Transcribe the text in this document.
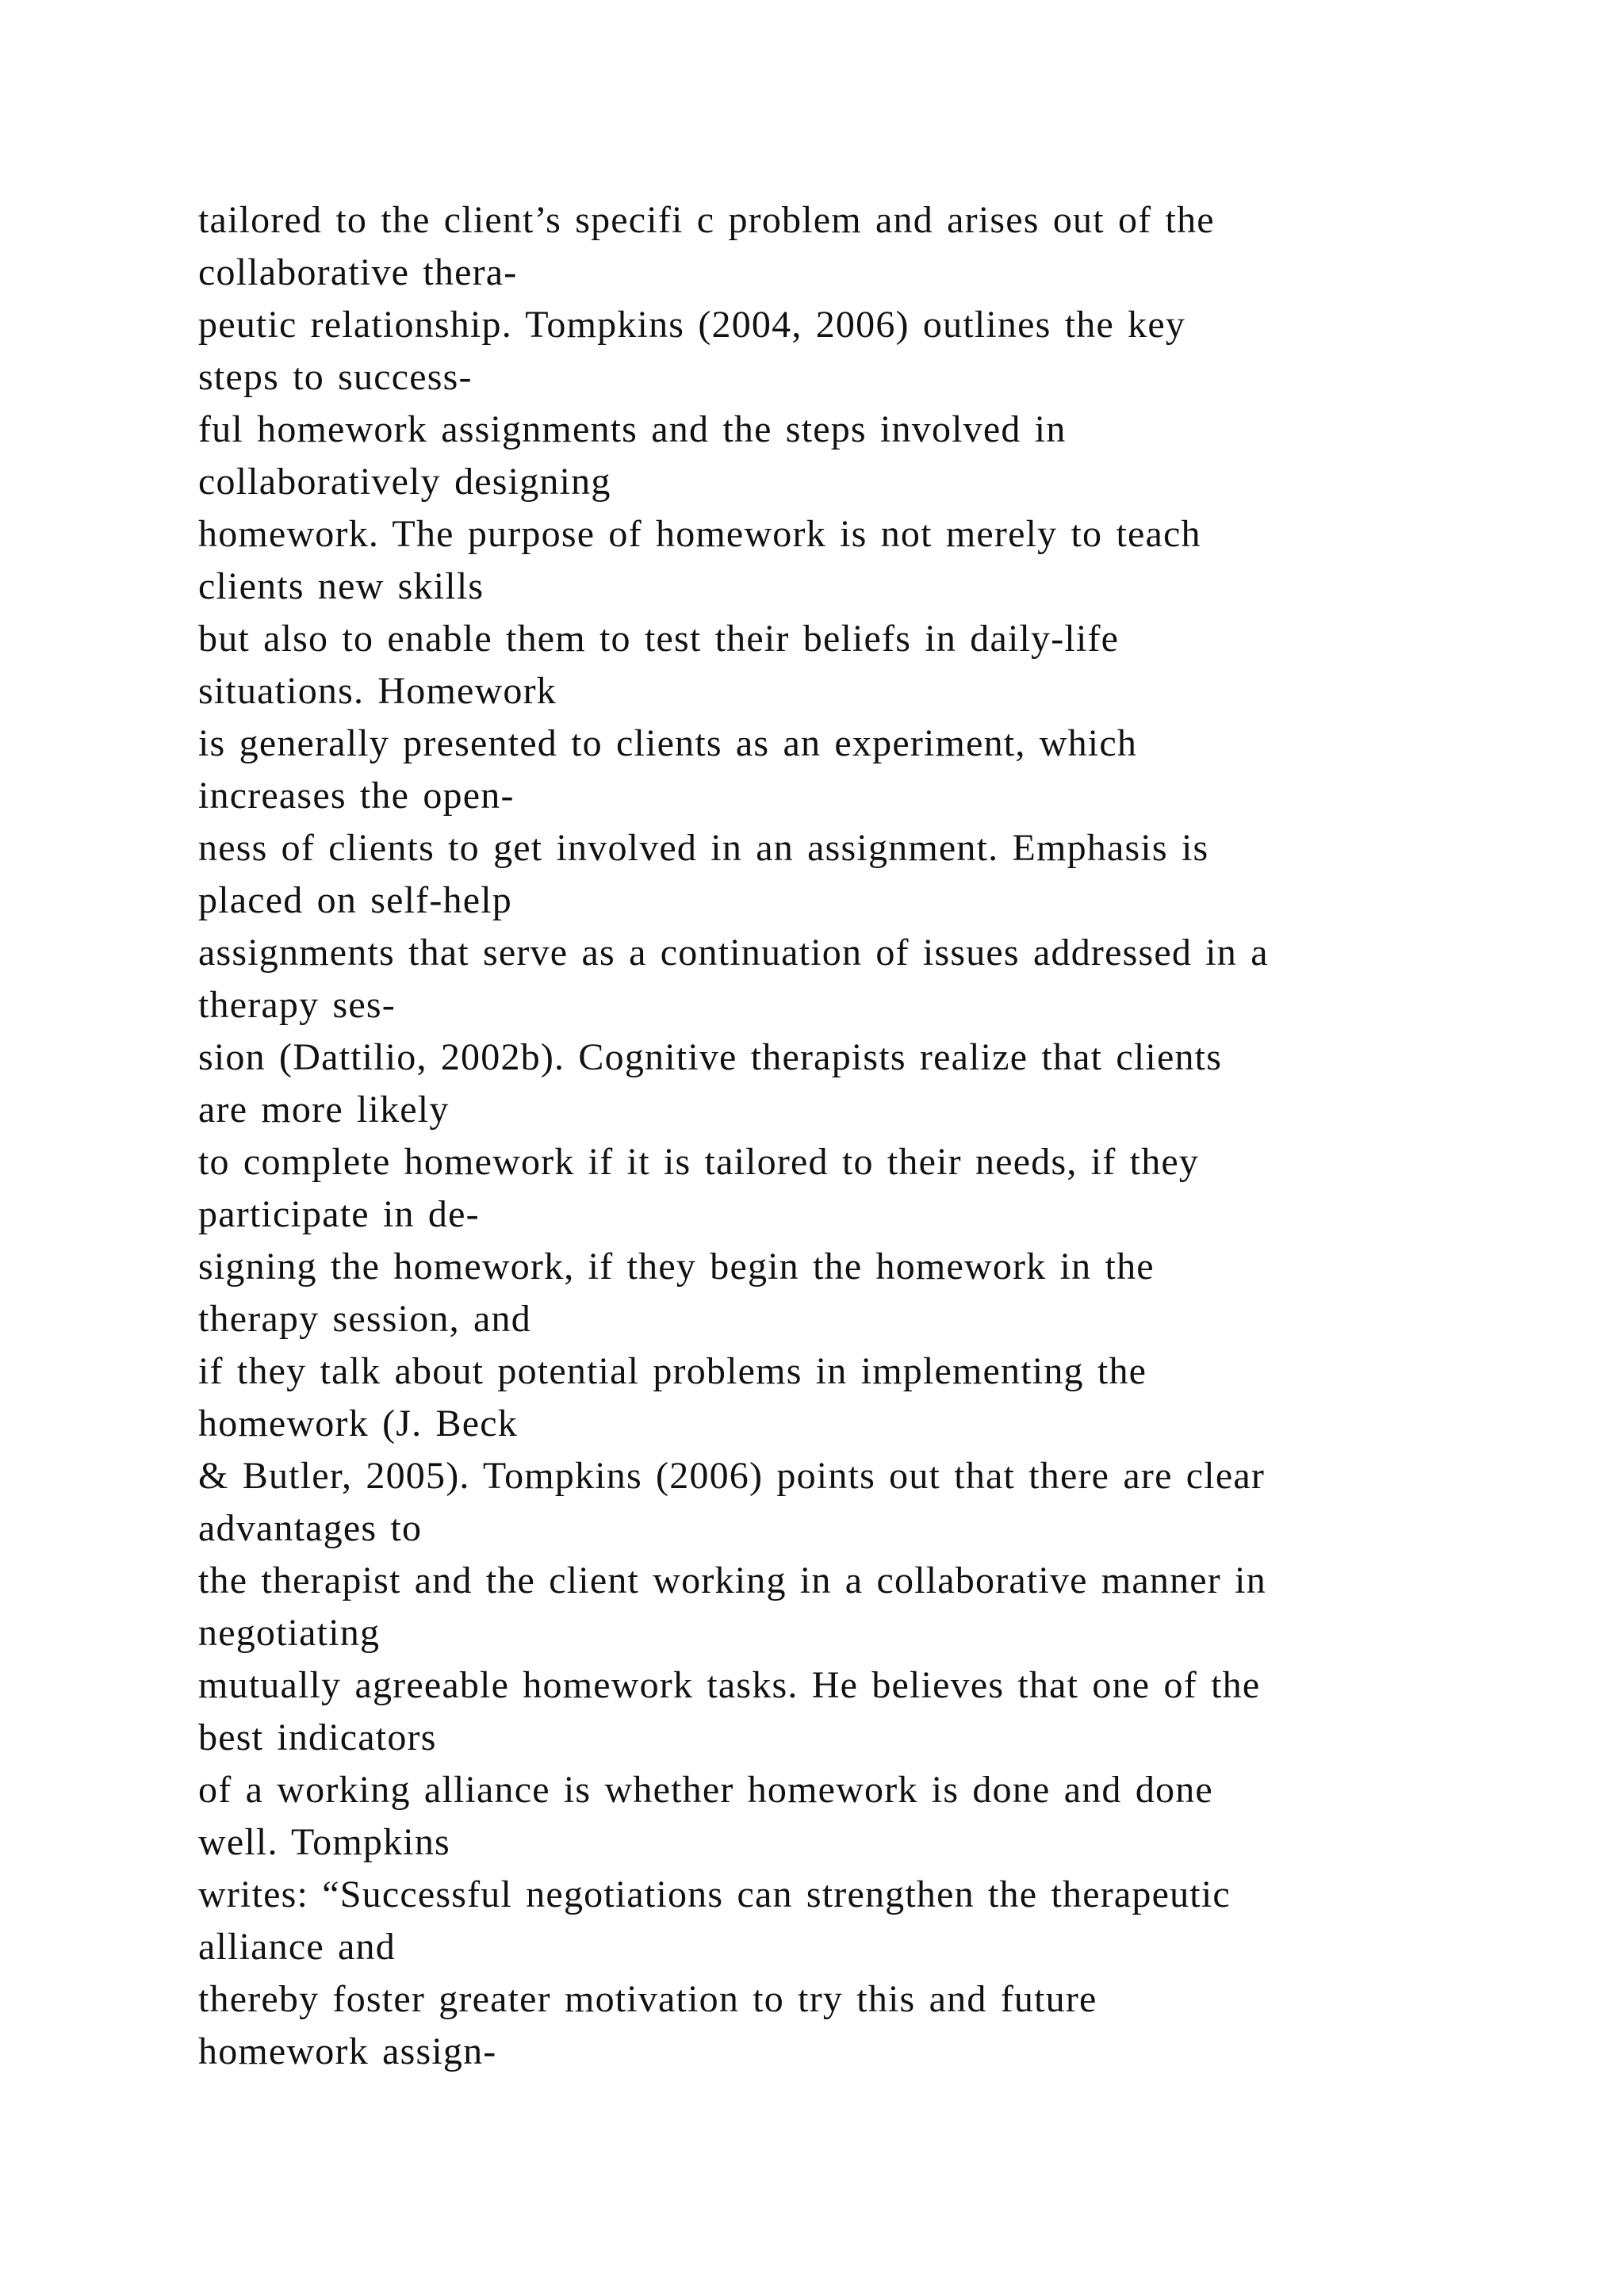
tailored to the client’s specifi c problem and arises out of the
collaborative thera-
peutic relationship. Tompkins (2004, 2006) outlines the key
steps to success-
ful homework assignments and the steps involved in
collaboratively designing
homework. The purpose of homework is not merely to teach
clients new skills
but also to enable them to test their beliefs in daily-life
situations. Homework
is generally presented to clients as an experiment, which
increases the open-
ness of clients to get involved in an assignment. Emphasis is
placed on self-help
assignments that serve as a continuation of issues addressed in a
therapy ses-
sion (Dattilio, 2002b). Cognitive therapists realize that clients
are more likely
to complete homework if it is tailored to their needs, if they
participate in de-
signing the homework, if they begin the homework in the
therapy session, and
if they talk about potential problems in implementing the
homework (J. Beck
& Butler, 2005). Tompkins (2006) points out that there are clear
advantages to
the therapist and the client working in a collaborative manner in
negotiating
mutually agreeable homework tasks. He believes that one of the
best indicators
of a working alliance is whether homework is done and done
well. Tompkins
writes: “Successful negotiations can strengthen the therapeutic
alliance and
thereby foster greater motivation to try this and future
homework assign-
